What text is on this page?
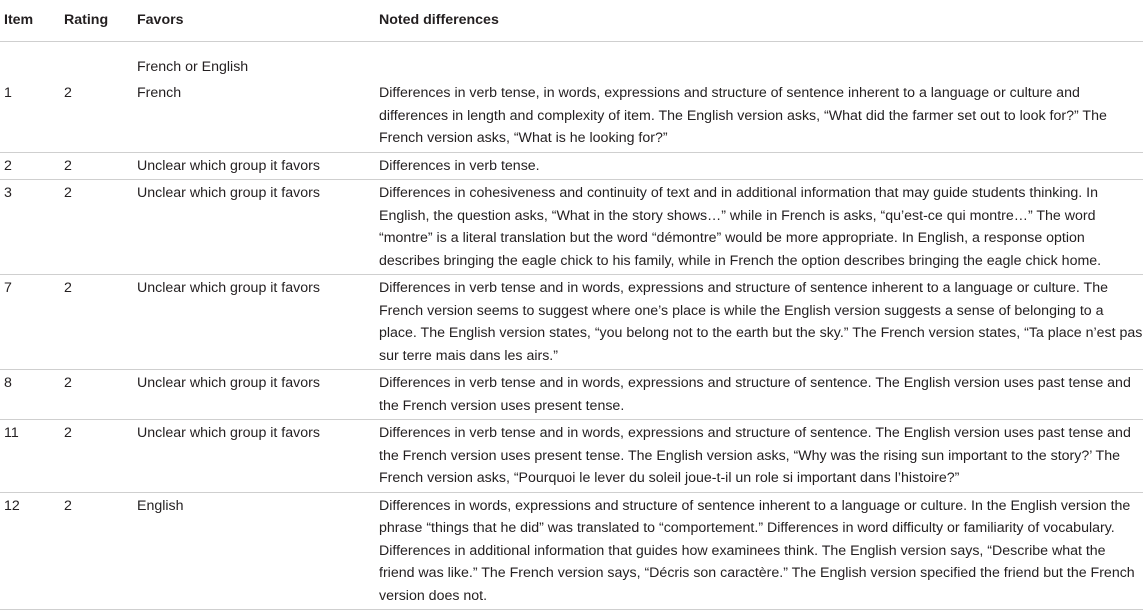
Item	Rating	Favors	Noted differences
		French or English	
1	2	French	Differences in verb tense, in words, expressions and structure of sentence inherent to a language or culture and differences in length and complexity of item. The English version asks, “What did the farmer set out to look for?” The French version asks, “What is he looking for?”
2	2	Unclear which group it favors	Differences in verb tense.
3	2	Unclear which group it favors	Differences in cohesiveness and continuity of text and in additional information that may guide students thinking. In English, the question asks, “What in the story shows…” while in French is asks, “qu’est-ce qui montre…” The word “montre” is a literal translation but the word “démontre” would be more appropriate. In English, a response option describes bringing the eagle chick to his family, while in French the option describes bringing the eagle chick home.
7	2	Unclear which group it favors	Differences in verb tense and in words, expressions and structure of sentence inherent to a language or culture. The French version seems to suggest where one’s place is while the English version suggests a sense of belonging to a place. The English version states, “you belong not to the earth but the sky.” The French version states, “Ta place n’est pas sur terre mais dans les airs.”
8	2	Unclear which group it favors	Differences in verb tense and in words, expressions and structure of sentence. The English version uses past tense and the French version uses present tense.
11	2	Unclear which group it favors	Differences in verb tense and in words, expressions and structure of sentence. The English version uses past tense and the French version uses present tense. The English version asks, “Why was the rising sun important to the story?’ The French version asks, “Pourquoi le lever du soleil joue-t-il un role si important dans l’histoire?”
12	2	English	Differences in words, expressions and structure of sentence inherent to a language or culture. In the English version the phrase “things that he did” was translated to “comportement.” Differences in word difficulty or familiarity of vocabulary. Differences in additional information that guides how examinees think. The English version says, “Describe what the friend was like.” The French version says, “Décris son caractère.” The English version specified the friend but the French version does not.
